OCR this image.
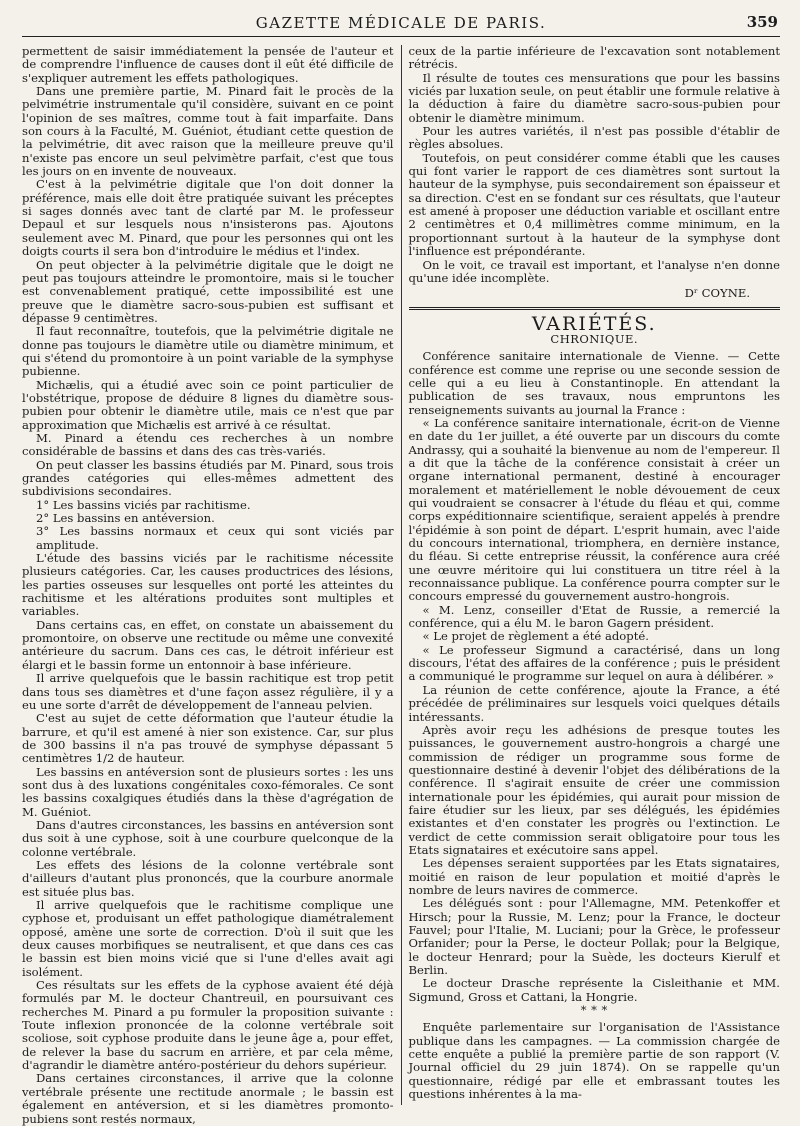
GAZETTE MÉDICALE DE PARIS.	359

permettent de saisir immédiatement la pensée de l'auteur et de comprendre l'influence de causes dont il eût été difficile de s'expliquer autrement les effets pathologiques.

Dans une première partie, M. Pinard fait le procès de la pelvimétrie instrumentale qu'il considère, suivant en ce point l'opinion de ses maîtres, comme tout à fait imparfaite. Dans son cours à la Faculté, M. Guéniot, étudiant cette question de la pelvimétrie, dit avec raison que la meilleure preuve qu'il n'existe pas encore un seul pelvimètre parfait, c'est que tous les jours on en invente de nouveaux.

C'est à la pelvimétrie digitale que l'on doit donner la préférence, mais elle doit être pratiquée suivant les préceptes si sages donnés avec tant de clarté par M. le professeur Depaul et sur lesquels nous n'insisterons pas. Ajoutons seulement avec M. Pinard, que pour les personnes qui ont les doigts courts il sera bon d'introduire le médius et l'index.

On peut objecter à la pelvimétrie digitale que le doigt ne peut pas toujours atteindre le promontoire, mais si le toucher est convenablement pratiqué, cette impossibilité est une preuve que le diamètre sacro-sous-pubien est suffisant et dépasse 9 centimètres.

Il faut reconnaître, toutefois, que la pelvimétrie digitale ne donne pas toujours le diamètre utile ou diamètre minimum, et qui s'étend du promontoire à un point variable de la symphyse pubienne.

Michælis, qui a étudié avec soin ce point particulier de l'obstétrique, propose de déduire 8 lignes du diamètre sous-pubien pour obtenir le diamètre utile, mais ce n'est que par approximation que Michælis est arrivé à ce résultat.

M. Pinard a étendu ces recherches à un nombre considérable de bassins et dans des cas très-variés.

On peut classer les bassins étudiés par M. Pinard, sous trois grandes catégories qui elles-mêmes admettent des subdivisions secondaires.

1° Les bassins viciés par rachitisme.

2° Les bassins en antéversion.

3° Les bassins normaux et ceux qui sont viciés par amplitude.

L'étude des bassins viciés par le rachitisme nécessite plusieurs catégories. Car, les causes productrices des lésions, les parties osseuses sur lesquelles ont porté les atteintes du rachitisme et les altérations produites sont multiples et variables.

Dans certains cas, en effet, on constate un abaissement du promontoire, on observe une rectitude ou même une convexité antérieure du sacrum. Dans ces cas, le détroit inférieur est élargi et le bassin forme un entonnoir à base inférieure.

Il arrive quelquefois que le bassin rachitique est trop petit dans tous ses diamètres et d'une façon assez régulière, il y a eu une sorte d'arrêt de développement de l'anneau pelvien.

C'est au sujet de cette déformation que l'auteur étudie la barrure, et qu'il est amené à nier son existence. Car, sur plus de 300 bassins il n'a pas trouvé de symphyse dépassant 5 centimètres 1/2 de hauteur.

Les bassins en antéversion sont de plusieurs sortes : les uns sont dus à des luxations congénitales coxo-fémorales. Ce sont les bassins coxalgiques étudiés dans la thèse d'agrégation de M. Guéniot.

Dans d'autres circonstances, les bassins en antéversion sont dus soit à une cyphose, soit à une courbure quelconque de la colonne vertébrale.

Les effets des lésions de la colonne vertébrale sont d'ailleurs d'autant plus prononcés, que la courbure anormale est située plus bas.

Il arrive quelquefois que le rachitisme complique une cyphose et, produisant un effet pathologique diamétralement opposé, amène une sorte de correction. D'où il suit que les deux causes morbifiques se neutralisent, et que dans ces cas le bassin est bien moins vicié que si l'une d'elles avait agi isolément.

Ces résultats sur les effets de la cyphose avaient été déjà formulés par M. le docteur Chantreuil, en poursuivant ces recherches M. Pinard a pu formuler la proposition suivante : Toute inflexion prononcée de la colonne vertébrale soit scoliose, soit cyphose produite dans le jeune âge a, pour effet, de relever la base du sacrum en arrière, et par cela même, d'agrandir le diamètre antéro-postérieur du dehors supérieur.

Dans certaines circonstances, il arrive que la colonne vertébrale présente une rectitude anormale ; le bassin est également en antéversion, et si les diamètres promonto-pubiens sont restés normaux,

ceux de la partie inférieure de l'excavation sont notablement rétrécis.

Il résulte de toutes ces mensurations que pour les bassins viciés par luxation seule, on peut établir une formule relative à la déduction à faire du diamètre sacro-sous-pubien pour obtenir le diamètre minimum.

Pour les autres variétés, il n'est pas possible d'établir de règles absolues.

Toutefois, on peut considérer comme établi que les causes qui font varier le rapport de ces diamètres sont surtout la hauteur de la symphyse, puis secondairement son épaisseur et sa direction. C'est en se fondant sur ces résultats, que l'auteur est amené à proposer une déduction variable et oscillant entre 2 centimètres et 0,4 millimètres comme minimum, en la proportionnant surtout à la hauteur de la symphyse dont l'influence est prépondérante.

On le voit, ce travail est important, et l'analyse n'en donne qu'une idée incomplète.

Dʳ COYNE.
VARIÉTÉS.
CHRONIQUE.

Conférence sanitaire internationale de Vienne. — Cette conférence est comme une reprise ou une seconde session de celle qui a eu lieu à Constantinople. En attendant la publication de ses travaux, nous empruntons les renseignements suivants au journal la France :

« La conférence sanitaire internationale, écrit-on de Vienne en date du 1er juillet, a été ouverte par un discours du comte Andrassy, qui a souhaité la bienvenue au nom de l'empereur. Il a dit que la tâche de la conférence consistait à créer un organe international permanent, destiné à encourager moralement et matériellement le noble dévouement de ceux qui voudraient se consacrer à l'étude du fléau et qui, comme corps expéditionnaire scientifique, seraient appelés à prendre l'épidémie à son point de départ. L'esprit humain, avec l'aide du concours international, triomphera, en dernière instance, du fléau. Si cette entreprise réussit, la conférence aura créé une œuvre méritoire qui lui constituera un titre réel à la reconnaissance publique. La conférence pourra compter sur le concours empressé du gouvernement austro-hongrois.

« M. Lenz, conseiller d'Etat de Russie, a remercié la conférence, qui a élu M. le baron Gagern président.

« Le projet de règlement a été adopté.

« Le professeur Sigmund a caractérisé, dans un long discours, l'état des affaires de la conférence ; puis le président a communiqué le programme sur lequel on aura à délibérer. »

La réunion de cette conférence, ajoute la France, a été précédée de préliminaires sur lesquels voici quelques détails intéressants.

Après avoir reçu les adhésions de presque toutes les puissances, le gouvernement austro-hongrois a chargé une commission de rédiger un programme sous forme de questionnaire destiné à devenir l'objet des délibérations de la conférence. Il s'agirait ensuite de créer une commission internationale pour les épidémies, qui aurait pour mission de faire étudier sur les lieux, par ses délégués, les épidémies existantes et d'en constater les progrès ou l'extinction. Le verdict de cette commission serait obligatoire pour tous les Etats signataires et exécutoire sans appel.

Les dépenses seraient supportées par les Etats signataires, moitié en raison de leur population et moitié d'après le nombre de leurs navires de commerce.

Les délégués sont : pour l'Allemagne, MM. Petenkoffer et Hirsch; pour la Russie, M. Lenz; pour la France, le docteur Fauvel; pour l'Italie, M. Luciani; pour la Grèce, le professeur Orfanider; pour la Perse, le docteur Pollak; pour la Belgique, le docteur Henrard; pour la Suède, les docteurs Kierulf et Berlin.

Le docteur Drasche représente la Cisleithanie et MM. Sigmund, Gross et Cattani, la Hongrie.

* * *

Enquête parlementaire sur l'organisation de l'Assistance publique dans les campagnes. — La commission chargée de cette enquête a publié la première partie de son rapport (V. Journal officiel du 29 juin 1874). On se rappelle qu'un questionnaire, rédigé par elle et embrassant toutes les questions inhérentes à la ma-
